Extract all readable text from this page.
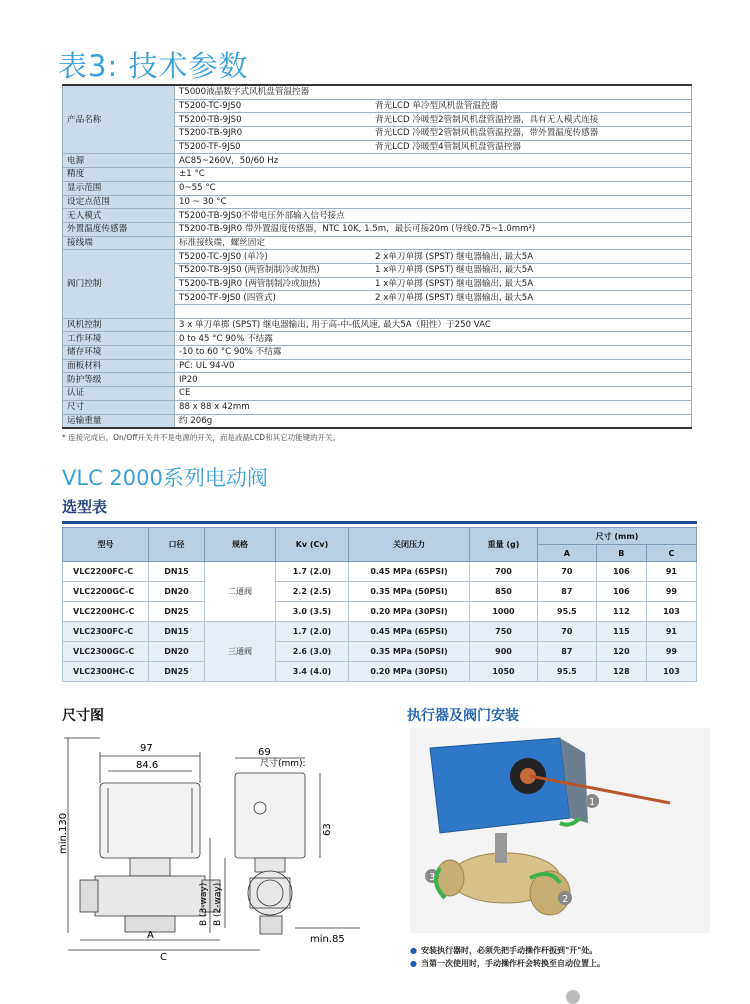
表3: 技术参数
产品名称	T5000液晶数字式风机盘管温控器

	T5200-TC-9JS0 背光LCD 单冷型风机盘管温控器

	T5200-TB-9JS0 背光LCD 冷暖型2管制风机盘管温控器，具有无人模式连接

	T5200-TB-9JR0 背光LCD 冷暖型2管制风机盘管温控器，带外置温度传感器

	T5200-TF-9JS0 背光LCD 冷暖型4管制风机盘管温控器

电源	AC85~260V，50/60 Hz
精度	±1 °C
显示范围	0~55 °C
设定点范围	10 ~ 30 °C
无人模式	T5200-TB-9JS0不带电压外部输入信号接点
外置温度传感器	T5200-TB-9JR0 带外置温度传感器，NTC 10K, 1.5m，最长可接20m (导线0.75~1.0mm²)
接线端	标准接线端，螺丝固定
阀门控制	T5200-TC-9JS0 (单冷) 2 x单刀单掷 (SPST) 继电器输出, 最大5A

	T5200-TB-9JS0 (两管制制冷或加热) 1 x单刀单掷 (SPST) 继电器输出, 最大5A

	T5200-TB-9JR0 (两管制制冷或加热) 1 x单刀单掷 (SPST) 继电器输出, 最大5A

	T5200-TF-9JS0 (四管式) 2 x单刀单掷 (SPST) 继电器输出, 最大5A

风机控制	3 x 单刀单掷 (SPST) 继电器输出, 用于高-中-低风速, 最大5A（阻性）于250 VAC
工作环境	0 to 45 °C 90% 不结露
储存环境	-10 to 60 °C 90% 不结露
面板材料	PC: UL 94-V0
防护等级	IP20
认证	CE
尺寸	88 x 88 x 42mm
运输重量	约 206g
* 连接完成后，On/Off开关并不是电源的开关，而是液晶LCD和其它功能键的开关。
VLC 2000系列电动阀
选型表
型号	口径	规格	Kv (Cv)	关闭压力	重量 (g)	尺寸 (mm)		
						A	B	C
VLC2200FC-C	DN15	二通阀	1.7 (2.0)	0.45 MPa (65PSI)	700	70	106	91
VLC2200GC-C	DN20		2.2 (2.5)	0.35 MPa (50PSI)	850	87	106	99
VLC2200HC-C	DN25		3.0 (3.5)	0.20 MPa (30PSI)	1000	95.5	112	103
VLC2300FC-C	DN15	三通阀	1.7 (2.0)	0.45 MPa (65PSI)	750	70	115	91
VLC2300GC-C	DN20		2.6 (3.0)	0.35 MPa (50PSI)	900	87	120	99
VLC2300HC-C	DN25		3.4 (4.0)	0.20 MPa (30PSI)	1050	95.5	128	103
尺寸图	执行器及阀门安装
97
84.6
69
尺寸(mm):
min.130	63
B (3-way) B (2-way)
A
C
min.85
1
2
3
● 安装执行器时，必须先把手动操作杆扳到"开"处。
● 当第一次使用时，手动操作杆会转换至自动位置上。
